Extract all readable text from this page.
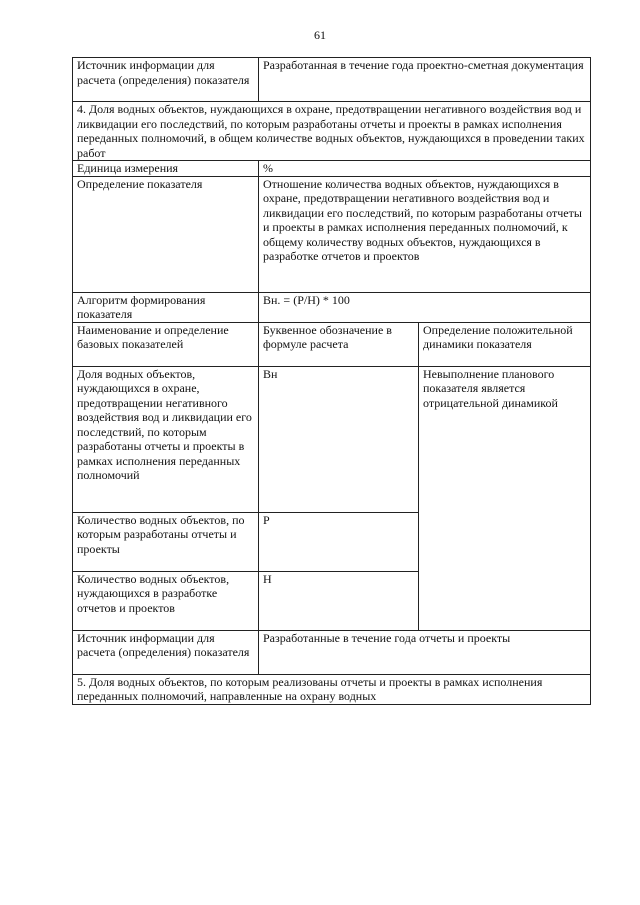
61
Источник информации для расчета (определения) показателя	Разработанная в течение года проектно-сметная документация	
4. Доля водных объектов, нуждающихся в охране, предотвращении негативного воздействия вод и ликвидации его последствий, по которым разработаны отчеты и проекты в рамках исполнения переданных полномочий, в общем количестве водных объектов, нуждающихся в проведении таких работ		
Единица измерения	%	
Определение показателя	Отношение количества водных объектов, нуждающихся в охране, предотвращении негативного воздействия вод и ликвидации его последствий, по которым разработаны отчеты и проекты в рамках исполнения переданных полномочий, к общему количеству водных объектов, нуждающихся в разработке отчетов и проектов	
Алгоритм формирования показателя	Вн. = (Р/Н) * 100	
Наименование и определение базовых показателей	Буквенное обозначение в формуле расчета	Определение положительной динамики показателя
Доля водных объектов, нуждающихся в охране, предотвращении негативного воздействия вод и ликвидации его последствий, по которым разработаны отчеты и проекты в рамках исполнения переданных полномочий	Вн	Невыполнение планового показателя является отрицательной динамикой
Количество водных объектов, по которым разработаны отчеты и проекты	Р	
Количество водных объектов, нуждающихся в разработке отчетов и проектов	Н	
Источник информации для расчета (определения) показателя	Разработанные в течение года отчеты и проекты	
5. Доля водных объектов, по которым реализованы отчеты и проекты в рамках исполнения переданных полномочий, направленные на охрану водных		
